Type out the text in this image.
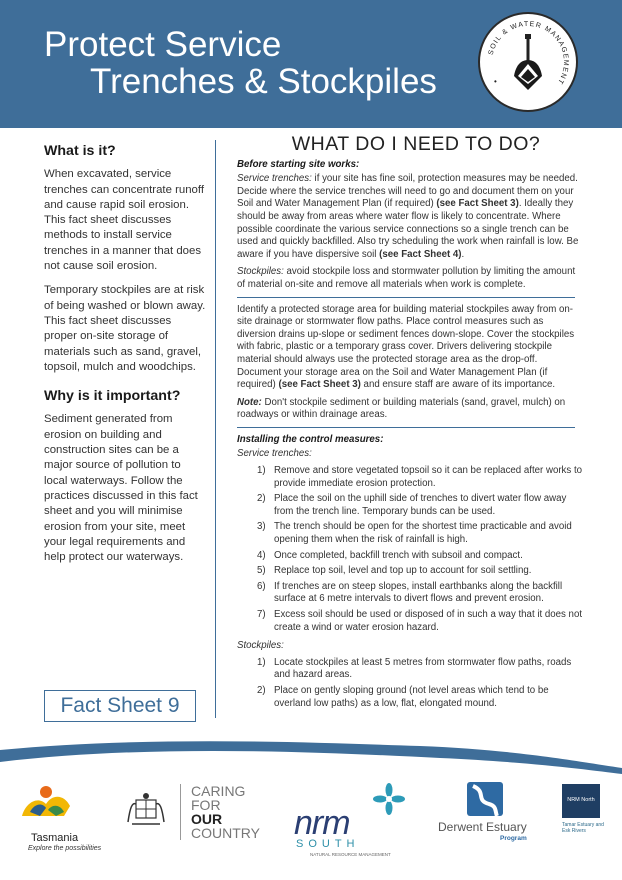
Protect Service
Trenches & Stockpiles
SOIL & WATER MANAGEMENT
•
What is it?

When excavated, service trenches can concentrate runoff and cause rapid soil erosion. This fact sheet discusses methods to install service trenches in a manner that does not cause soil erosion.

Temporary stockpiles are at risk of being washed or blown away. This fact sheet discusses proper on-site storage of materials such as sand, gravel, topsoil, mulch and woodchips.

Why is it important?

Sediment generated from erosion on building and construction sites can be a major source of pollution to local waterways. Follow the practices discussed in this fact sheet and you will minimise erosion from your site, meet your legal requirements and help protect our waterways.

Fact Sheet 9
WHAT DO I NEED TO DO?
Before starting site works:

Service trenches: if your site has fine soil, protection measures may be needed. Decide where the service trenches will need to go and document them on your Soil and Water Management Plan (if required) (see Fact Sheet 3). Ideally they should be away from areas where water flow is likely to concentrate. Where possible coordinate the various service connections so a single trench can be used and quickly backfilled. Also try scheduling the work when rainfall is low. Be aware if you have dispersive soil (see Fact Sheet 4).

Stockpiles: avoid stockpile loss and stormwater pollution by limiting the amount of material on-site and remove all materials when work is complete.

Identify a protected storage area for building material stockpiles away from on-site drainage or stormwater flow paths. Place control measures such as diversion drains up-slope or sediment fences down-slope. Cover the stockpiles with fabric, plastic or a temporary grass cover. Drivers delivering stockpile material should always use the protected storage area as the drop-off. Document your storage area on the Soil and Water Management Plan (if required) (see Fact Sheet 3) and ensure staff are aware of its importance.

Note: Don't stockpile sediment or building materials (sand, gravel, mulch) on roadways or within drainage areas.

Installing the control measures:

Service trenches:

1) Remove and store vegetated topsoil so it can be replaced after works to provide immediate erosion protection.
2) Place the soil on the uphill side of trenches to divert water flow away from the trench line. Temporary bunds can be used.
3) The trench should be open for the shortest time practicable and avoid opening them when the risk of rainfall is high.
4) Once completed, backfill trench with subsoil and compact.
5) Replace top soil, level and top up to account for soil settling.
6) If trenches are on steep slopes, install earthbanks along the backfill surface at 6 metre intervals to divert flows and prevent erosion.
7) Excess soil should be used or disposed of in such a way that it does not create a wind or water erosion hazard.

Stockpiles:

1) Locate stockpiles at least 5 metres from stormwater flow paths, roads and hazard areas.
2) Place on gently sloping ground (not level areas which tend to be overland low paths) as a low, flat, elongated mound.
Tasmania
Explore the possibilities
CARING
FOR
OUR
COUNTRY	nrm
SOUTH
NATURAL RESOURCE MANAGEMENT
Derwent Estuary
Program
NRM North
Tamar Estuary and Esk Rivers
